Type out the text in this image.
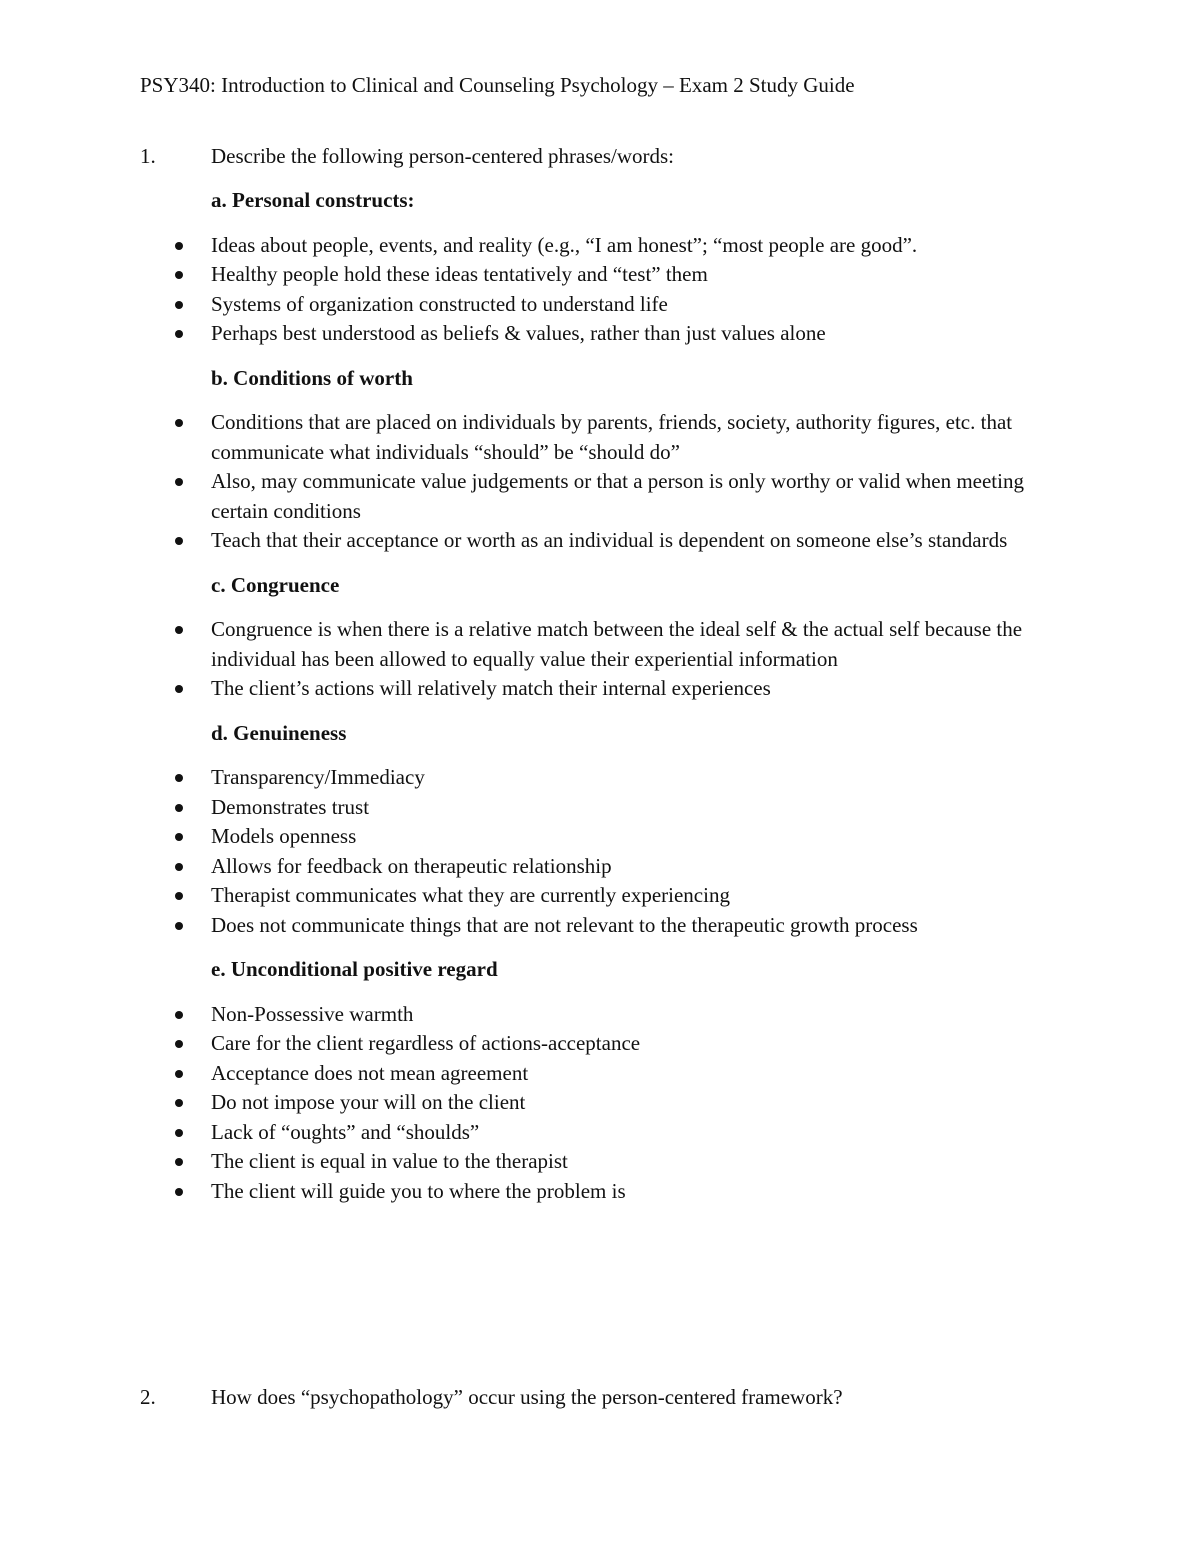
PSY340: Introduction to Clinical and Counseling Psychology – Exam 2 Study Guide
1.	Describe the following person-centered phrases/words:
a. Personal constructs:
Ideas about people, events, and reality (e.g., “I am honest”; “most people are good”.
Healthy people hold these ideas tentatively and “test” them
Systems of organization constructed to understand life
Perhaps best understood as beliefs & values, rather than just values alone
b. Conditions of worth
Conditions that are placed on individuals by parents, friends, society, authority figures, etc. that communicate what individuals “should” be “should do”
Also, may communicate value judgements or that a person is only worthy or valid when meeting certain conditions
Teach that their acceptance or worth as an individual is dependent on someone else’s standards
c. Congruence
Congruence is when there is a relative match between the ideal self & the actual self because the individual has been allowed to equally value their experiential information
The client’s actions will relatively match their internal experiences
d. Genuineness
Transparency/Immediacy
Demonstrates trust
Models openness
Allows for feedback on therapeutic relationship
Therapist communicates what they are currently experiencing
Does not communicate things that are not relevant to the therapeutic growth process
e. Unconditional positive regard
Non-Possessive warmth
Care for the client regardless of actions-acceptance
Acceptance does not mean agreement
Do not impose your will on the client
Lack of “oughts” and “shoulds”
The client is equal in value to the therapist
The client will guide you to where the problem is
2.	How does “psychopathology” occur using the person-centered framework?
